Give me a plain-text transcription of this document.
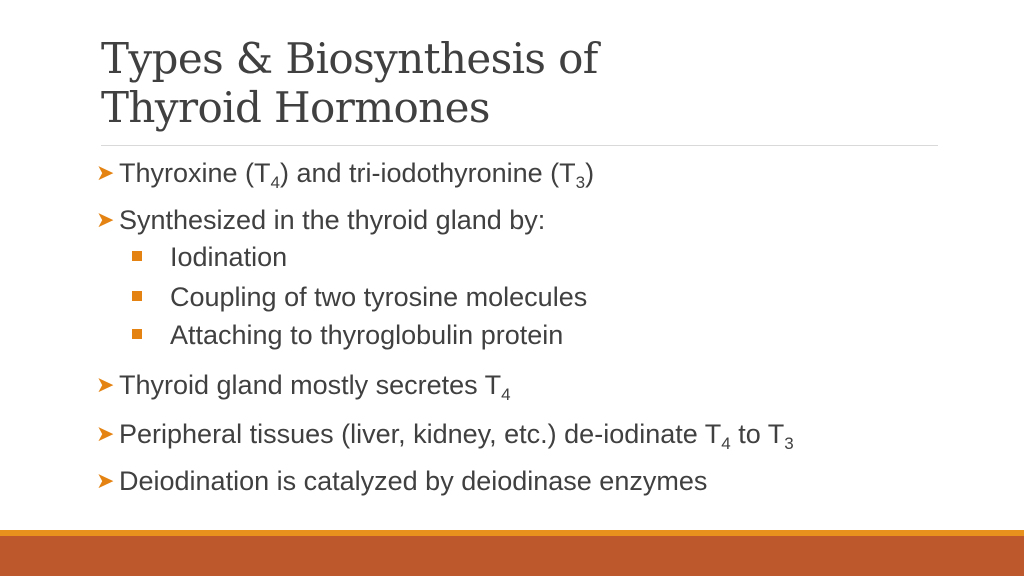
Types & Biosynthesis of
Thyroid Hormones
➤ Thyroxine $(T_4)$ and tri-iodothyronine $(T_3)$
➤ Synthesized in the thyroid gland by:
Iodination
Coupling of two tyrosine molecules
Attaching to thyroglobulin protein
➤ Thyroid gland mostly secretes $T_4$
➤ Peripheral tissues (liver, kidney, etc.) de-iodinate $T_4$ to $T_3$
➤ Deiodination is catalyzed by deiodinase enzymes
